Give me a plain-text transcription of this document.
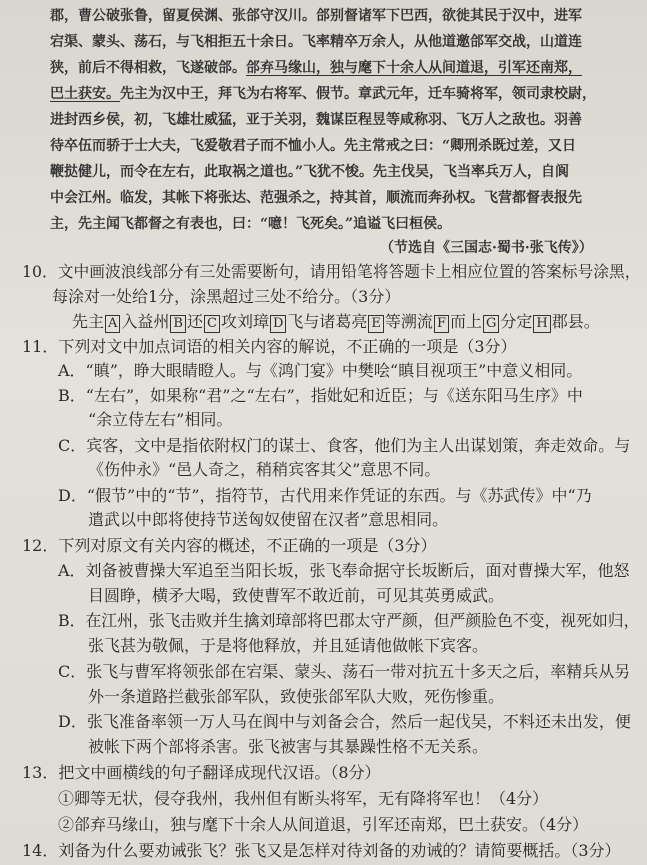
郡，曹公破张鲁，留夏侯渊、张郃守汉川。郃别督诸军下巴西，欲徙其民于汉中，进军
宕渠、蒙头、荡石，与飞相拒五十余日。飞率精卒万余人，从他道邀郃军交战，山道连
狭，前后不得相救，飞遂破郃。郃弃马缘山，独与麾下十余人从间道退，引军还南郑，
巴土获安。先主为汉中王，拜飞为右将军、假节。章武元年，迁车骑将军，领司隶校尉，
进封西乡侯，初，飞雄壮威猛，亚于关羽，魏谋臣程昱等咸称羽、飞万人之敌也。羽善
待卒伍而骄于士大夫，飞爱敬君子而不恤小人。先主常戒之曰：“卿刑杀既过差，又日
鞭挞健儿，而令在左右，此取祸之道也。”飞犹不悛。先主伐吴，飞当率兵万人，自阆
中会江州。临发，其帐下将张达、范强杀之，持其首，顺流而奔孙权。飞营都督表报先
主，先主闻飞都督之有表也，曰：“噫！飞死矣。”追谥飞曰桓侯。
（节选自《三国志·蜀书·张飞传》）
10．文中画波浪线部分有三处需要断句，请用铅笔将答题卡上相应位置的答案标号涂黑，
每涂对一处给1分，涂黑超过三处不给分。（3分）
先主 A 入益州 B 还 C 攻刘璋 D 飞与诸葛亮 E 等溯流 F 而上 G 分定 H 郡县。
11．下列对文中加点词语的相关内容的解说，不正确的一项是（3分）
A．“瞋”，睁大眼睛瞪人。与《鸿门宴》中樊哙“瞋目视项王”中意义相同。
B．“左右”，如果称“君”之“左右”，指妣妃和近臣；与《送东阳马生序》中
“余立侍左右”相同。
C．宾客，文中是指依附权门的谋士、食客，他们为主人出谋划策，奔走效命。与
《伤仲永》“邑人奇之，稍稍宾客其父”意思不同。
D．“假节”中的“节”，指符节，古代用来作凭证的东西。与《苏武传》中“乃
遣武以中郎将使持节送匈奴使留在汉者”意思相同。
12．下列对原文有关内容的概述，不正确的一项是（3分）
A．刘备被曹操大军追至当阳长坂，张飞奉命据守长坂断后，面对曹操大军，他怒
目圆睁，横矛大喝，致使曹军不敢近前，可见其英勇威武。
B．在江州，张飞击败并生擒刘璋部将巴郡太守严颜，但严颜脸色不变，视死如归，
张飞甚为敬佩，于是将他释放，并且延请他做帐下宾客。
C．张飞与曹军将领张郃在宕渠、蒙头、荡石一带对抗五十多天之后，率精兵从另
外一条道路拦截张郃军队，致使张郃军队大败，死伤惨重。
D．张飞准备率领一万人马在阆中与刘备会合，然后一起伐吴，不料还未出发，便
被帐下两个部将杀害。张飞被害与其暴躁性格不无关系。
13．把文中画横线的句子翻译成现代汉语。（8分）
①卿等无状，侵夺我州，我州但有断头将军，无有降将军也！（4分）
②郃弃马缘山，独与麾下十余人从间道退，引军还南郑，巴土获安。（4分）
14．刘备为什么要劝诫张飞？张飞又是怎样对待刘备的劝诫的？请简要概括。（3分）
